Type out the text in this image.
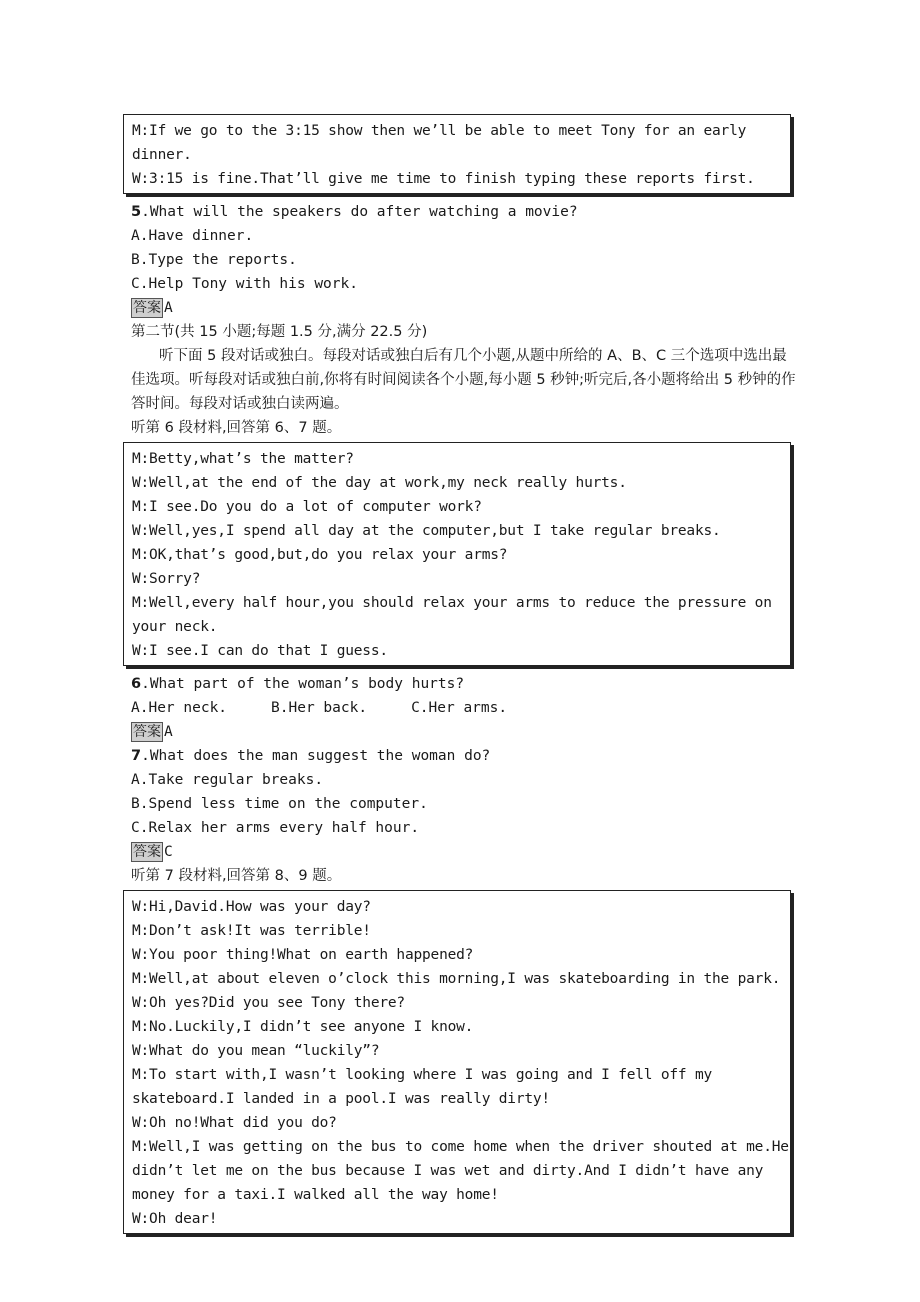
M:If we go to the 3:15 show then we’ll be able to meet Tony for an early dinner.
W:3:15 is fine.That’ll give me time to finish typing these reports first.
5.What will the speakers do after watching a movie?
A.Have dinner.
B.Type the reports.
C.Help Tony with his work.
答案 A
第二节(共 15 小题;每题 1.5 分,满分 22.5 分)
听下面 5 段对话或独白。每段对话或独白后有几个小题,从题中所给的 A、B、C 三个选项中选出最佳选项。听每段对话或独白前,你将有时间阅读各个小题,每小题 5 秒钟;听完后,各小题将给出 5 秒钟的作答时间。每段对话或独白读两遍。
听第 6 段材料,回答第 6、7 题。
M:Betty,what’s the matter?
W:Well,at the end of the day at work,my neck really hurts.
M:I see.Do you do a lot of computer work?
W:Well,yes,I spend all day at the computer,but I take regular breaks.
M:OK,that’s good,but,do you relax your arms?
W:Sorry?
M:Well,every half hour,you should relax your arms to reduce the pressure on your neck.
W:I see.I can do that I guess.
6.What part of the woman’s body hurts?
A.Her neck.	B.Her back.	C.Her arms.
答案 A
7.What does the man suggest the woman do?
A.Take regular breaks.
B.Spend less time on the computer.
C.Relax her arms every half hour.
答案 C
听第 7 段材料,回答第 8、9 题。
W:Hi,David.How was your day?
M:Don’t ask!It was terrible!
W:You poor thing!What on earth happened?
M:Well,at about eleven o’clock this morning,I was skateboarding in the park.
W:Oh yes?Did you see Tony there?
M:No.Luckily,I didn’t see anyone I know.
W:What do you mean “luckily”?
M:To start with,I wasn’t looking where I was going and I fell off my skateboard.I landed in a pool.I was really dirty!
W:Oh no!What did you do?
M:Well,I was getting on the bus to come home when the driver shouted at me.He didn’t let me on the bus because I was wet and dirty.And I didn’t have any money for a taxi.I walked all the way home!
W:Oh dear!
